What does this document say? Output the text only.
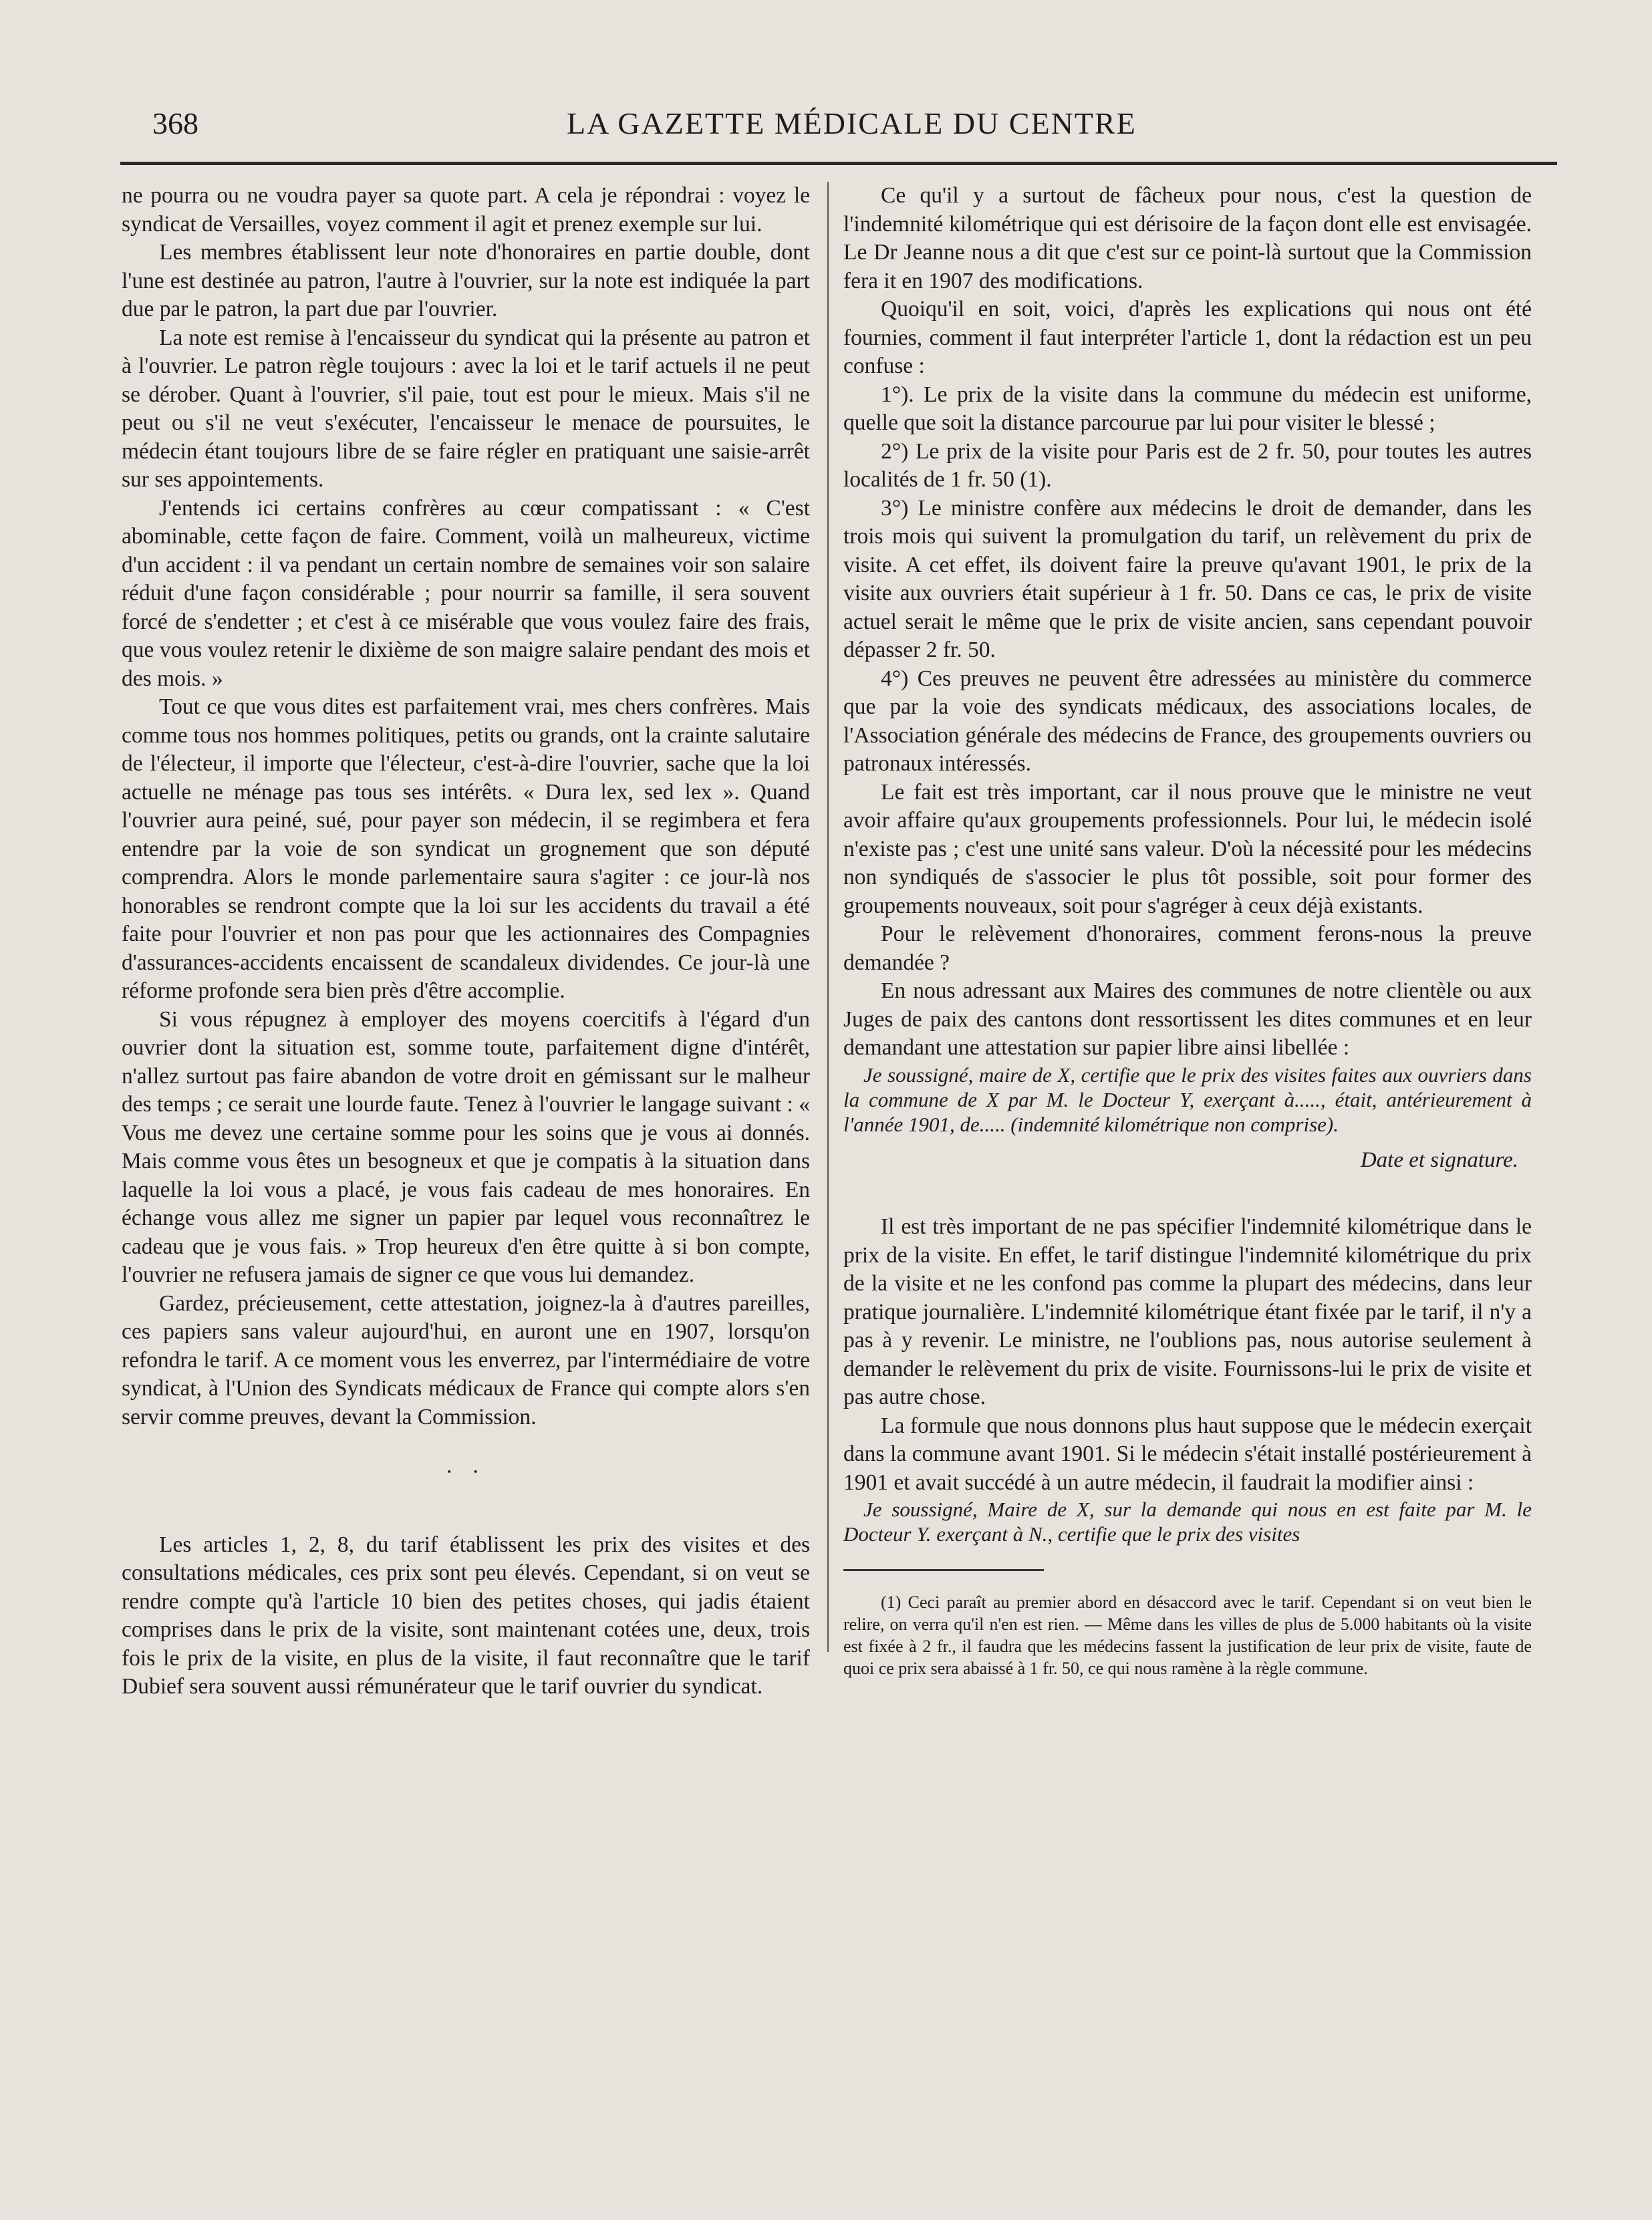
368	LA GAZETTE MÉDICALE DU CENTRE

ne pourra ou ne voudra payer sa quote part. A cela je répondrai : voyez le syndicat de Versailles, voyez comment il agit et prenez exemple sur lui.

Les membres établissent leur note d'honoraires en partie double, dont l'une est destinée au patron, l'autre à l'ouvrier, sur la note est indiquée la part due par le patron, la part due par l'ouvrier.

La note est remise à l'encaisseur du syndicat qui la présente au patron et à l'ouvrier. Le patron règle toujours : avec la loi et le tarif actuels il ne peut se dérober. Quant à l'ouvrier, s'il paie, tout est pour le mieux. Mais s'il ne peut ou s'il ne veut s'exécuter, l'encaisseur le menace de poursuites, le médecin étant toujours libre de se faire régler en pratiquant une saisie-arrêt sur ses appointements.

J'entends ici certains confrères au cœur compatissant : « C'est abominable, cette façon de faire. Comment, voilà un malheureux, victime d'un accident : il va pendant un certain nombre de semaines voir son salaire réduit d'une façon considérable ; pour nourrir sa famille, il sera souvent forcé de s'endetter ; et c'est à ce misérable que vous voulez faire des frais, que vous voulez retenir le dixième de son maigre salaire pendant des mois et des mois. »

Tout ce que vous dites est parfaitement vrai, mes chers confrères. Mais comme tous nos hommes politiques, petits ou grands, ont la crainte salutaire de l'électeur, il importe que l'électeur, c'est-à-dire l'ouvrier, sache que la loi actuelle ne ménage pas tous ses intérêts. « Dura lex, sed lex ». Quand l'ouvrier aura peiné, sué, pour payer son médecin, il se regimbera et fera entendre par la voie de son syndicat un grognement que son député comprendra. Alors le monde parlementaire saura s'agiter : ce jour-là nos honorables se rendront compte que la loi sur les accidents du travail a été faite pour l'ouvrier et non pas pour que les actionnaires des Compagnies d'assurances-accidents encaissent de scandaleux dividendes. Ce jour-là une réforme profonde sera bien près d'être accomplie.

Si vous répugnez à employer des moyens coercitifs à l'égard d'un ouvrier dont la situation est, somme toute, parfaitement digne d'intérêt, n'allez surtout pas faire abandon de votre droit en gémissant sur le malheur des temps ; ce serait une lourde faute. Tenez à l'ouvrier le langage suivant : « Vous me devez une certaine somme pour les soins que je vous ai donnés. Mais comme vous êtes un besogneux et que je compatis à la situation dans laquelle la loi vous a placé, je vous fais cadeau de mes honoraires. En échange vous allez me signer un papier par lequel vous reconnaîtrez le cadeau que je vous fais. » Trop heureux d'en être quitte à si bon compte, l'ouvrier ne refusera jamais de signer ce que vous lui demandez.

Gardez, précieusement, cette attestation, joignez-la à d'autres pareilles, ces papiers sans valeur aujourd'hui, en auront une en 1907, lorsqu'on refondra le tarif. A ce moment vous les enverrez, par l'intermédiaire de votre syndicat, à l'Union des Syndicats médicaux de France qui compte alors s'en servir comme preuves, devant la Commission.

· ·

Les articles 1, 2, 8, du tarif établissent les prix des visites et des consultations médicales, ces prix sont peu élevés. Cependant, si on veut se rendre compte qu'à l'article 10 bien des petites choses, qui jadis étaient comprises dans le prix de la visite, sont maintenant cotées une, deux, trois fois le prix de la visite, en plus de la visite, il faut reconnaître que le tarif Dubief sera souvent aussi rémunérateur que le tarif ouvrier du syndicat.

Ce qu'il y a surtout de fâcheux pour nous, c'est la question de l'indemnité kilométrique qui est dérisoire de la façon dont elle est envisagée. Le Dr Jeanne nous a dit que c'est sur ce point-là surtout que la Commission fera it en 1907 des modifications.

Quoiqu'il en soit, voici, d'après les explications qui nous ont été fournies, comment il faut interpréter l'article 1, dont la rédaction est un peu confuse :

1°). Le prix de la visite dans la commune du médecin est uniforme, quelle que soit la distance parcourue par lui pour visiter le blessé ;

2°) Le prix de la visite pour Paris est de 2 fr. 50, pour toutes les autres localités de 1 fr. 50 (1).

3°) Le ministre confère aux médecins le droit de demander, dans les trois mois qui suivent la promulgation du tarif, un relèvement du prix de visite. A cet effet, ils doivent faire la preuve qu'avant 1901, le prix de la visite aux ouvriers était supérieur à 1 fr. 50. Dans ce cas, le prix de visite actuel serait le même que le prix de visite ancien, sans cependant pouvoir dépasser 2 fr. 50.

4°) Ces preuves ne peuvent être adressées au ministère du commerce que par la voie des syndicats médicaux, des associations locales, de l'Association générale des médecins de France, des groupements ouvriers ou patronaux intéressés.

Le fait est très important, car il nous prouve que le ministre ne veut avoir affaire qu'aux groupements professionnels. Pour lui, le médecin isolé n'existe pas ; c'est une unité sans valeur. D'où la nécessité pour les médecins non syndiqués de s'associer le plus tôt possible, soit pour former des groupements nouveaux, soit pour s'agréger à ceux déjà existants.

Pour le relèvement d'honoraires, comment ferons-nous la preuve demandée ?

En nous adressant aux Maires des communes de notre clientèle ou aux Juges de paix des cantons dont ressortissent les dites communes et en leur demandant une attestation sur papier libre ainsi libellée :

Je soussigné, maire de X, certifie que le prix des visites faites aux ouvriers dans la commune de X par M. le Docteur Y, exerçant à....., était, antérieurement à l'année 1901, de..... (indemnité kilométrique non comprise).

Date et signature.

Il est très important de ne pas spécifier l'indemnité kilométrique dans le prix de la visite. En effet, le tarif distingue l'indemnité kilométrique du prix de la visite et ne les confond pas comme la plupart des médecins, dans leur pratique journalière. L'indemnité kilométrique étant fixée par le tarif, il n'y a pas à y revenir. Le ministre, ne l'oublions pas, nous autorise seulement à demander le relèvement du prix de visite. Fournissons-lui le prix de visite et pas autre chose.

La formule que nous donnons plus haut suppose que le médecin exerçait dans la commune avant 1901. Si le médecin s'était installé postérieurement à 1901 et avait succédé à un autre médecin, il faudrait la modifier ainsi :

Je soussigné, Maire de X, sur la demande qui nous en est faite par M. le Docteur Y. exerçant à N., certifie que le prix des visites

(1) Ceci paraît au premier abord en désaccord avec le tarif. Cependant si on veut bien le relire, on verra qu'il n'en est rien. — Même dans les villes de plus de 5.000 habitants où la visite est fixée à 2 fr., il faudra que les médecins fassent la justification de leur prix de visite, faute de quoi ce prix sera abaissé à 1 fr. 50, ce qui nous ramène à la règle commune.
